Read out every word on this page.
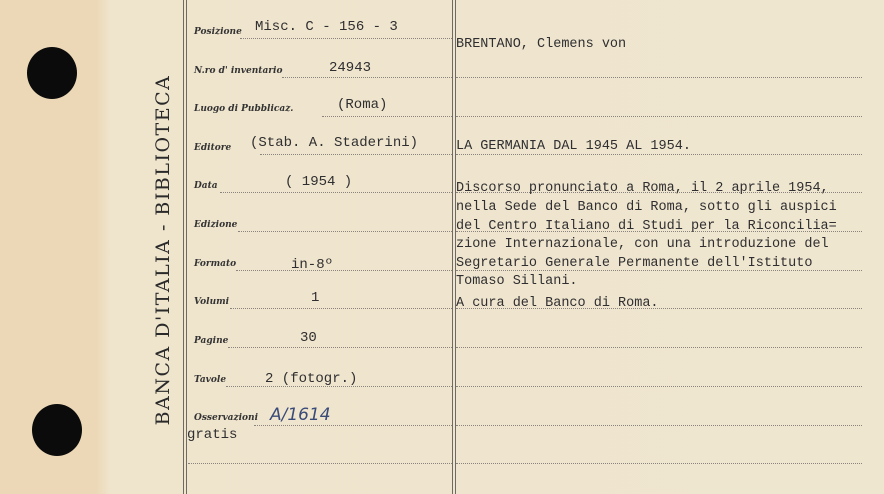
BANCA D'ITALIA - BIBLIOTECA
Posizione
N.ro d' inventario
Luogo di Pubblicaz.
Editore
Data
Edizione
Formato
Volumi
Pagine
Tavole
Osservazioni
Misc. C - 156 - 3
24943
(Roma)
(Stab. A. Staderini)
( 1954 )
in-8º
1
30
2 (fotogr.)
gratis
A/1614
BRENTANO, Clemens von
LA GERMANIA DAL 1945 AL 1954.
Discorso pronunciato a Roma, il 2 aprile 1954,
nella Sede del Banco di Roma, sotto gli auspici
del Centro Italiano di Studi per la Riconcilia=
zione Internazionale, con una introduzione del
Segretario Generale Permanente dell'Istituto
Tomaso Sillani.
A cura del Banco di Roma.
